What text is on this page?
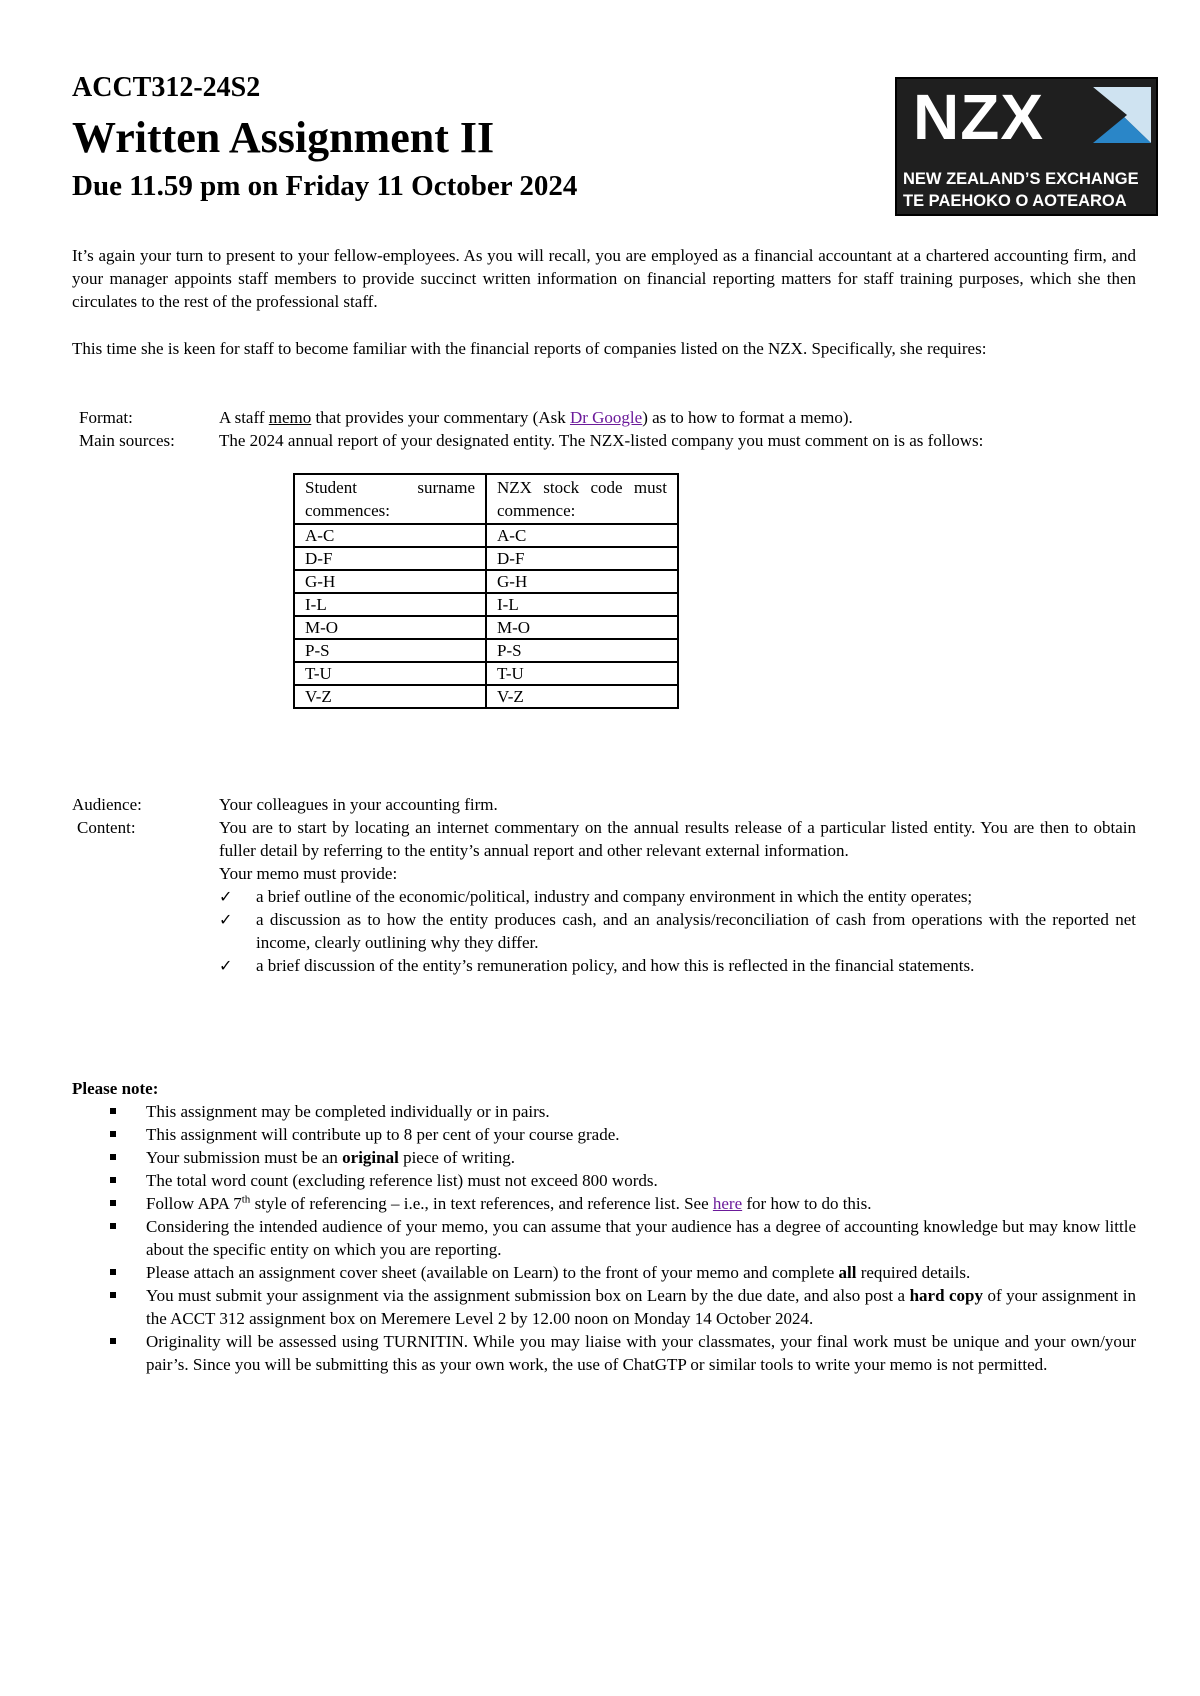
ACCT312-24S2
Written Assignment II
Due 11.59 pm on Friday 11 October 2024
NZX
NEW ZEALAND’S EXCHANGE
TE PAEHOKO O AOTEAROA
It’s again your turn to present to your fellow-employees. As you will recall, you are employed as a financial accountant at a chartered accounting firm, and your manager appoints staff members to provide succinct written information on financial reporting matters for staff training purposes, which she then circulates to the rest of the professional staff.
This time she is keen for staff to become familiar with the financial reports of companies listed on the NZX. Specifically, she requires:
Format:	A staff memo that provides your commentary (Ask Dr Google) as to how to format a memo).
Main sources:	The 2024 annual report of your designated entity. The NZX-listed company you must comment on is as follows:
Student surname
commences:	NZX stock code must commence:
A-C	A-C
D-F	D-F
G-H	G-H
I-L	I-L
M-O	M-O
P-S	P-S
T-U	T-U
V-Z	V-Z
Audience:	Your colleagues in your accounting firm.
Content:	You are to start by locating an internet commentary on the annual results release of a particular listed entity. You are then to obtain fuller detail by referring to the entity’s annual report and other relevant external information.
Your memo must provide:
✓ a brief outline of the economic/political, industry and company environment in which the entity operates;
✓ a discussion as to how the entity produces cash, and an analysis/reconciliation of cash from operations with the reported net income, clearly outlining why they differ.
✓ a brief discussion of the entity’s remuneration policy, and how this is reflected in the financial statements.
Please note:
This assignment may be completed individually or in pairs.
This assignment will contribute up to 8 per cent of your course grade.
Your submission must be an original piece of writing.
The total word count (excluding reference list) must not exceed 800 words.
Follow APA 7th style of referencing – i.e., in text references, and reference list. See here for how to do this.
Considering the intended audience of your memo, you can assume that your audience has a degree of accounting knowledge but may know little about the specific entity on which you are reporting.
Please attach an assignment cover sheet (available on Learn) to the front of your memo and complete all required details.
You must submit your assignment via the assignment submission box on Learn by the due date, and also post a hard copy of your assignment in the ACCT 312 assignment box on Meremere Level 2 by 12.00 noon on Monday 14 October 2024.
Originality will be assessed using TURNITIN. While you may liaise with your classmates, your final work must be unique and your own/your pair’s. Since you will be submitting this as your own work, the use of ChatGTP or similar tools to write your memo is not permitted.
